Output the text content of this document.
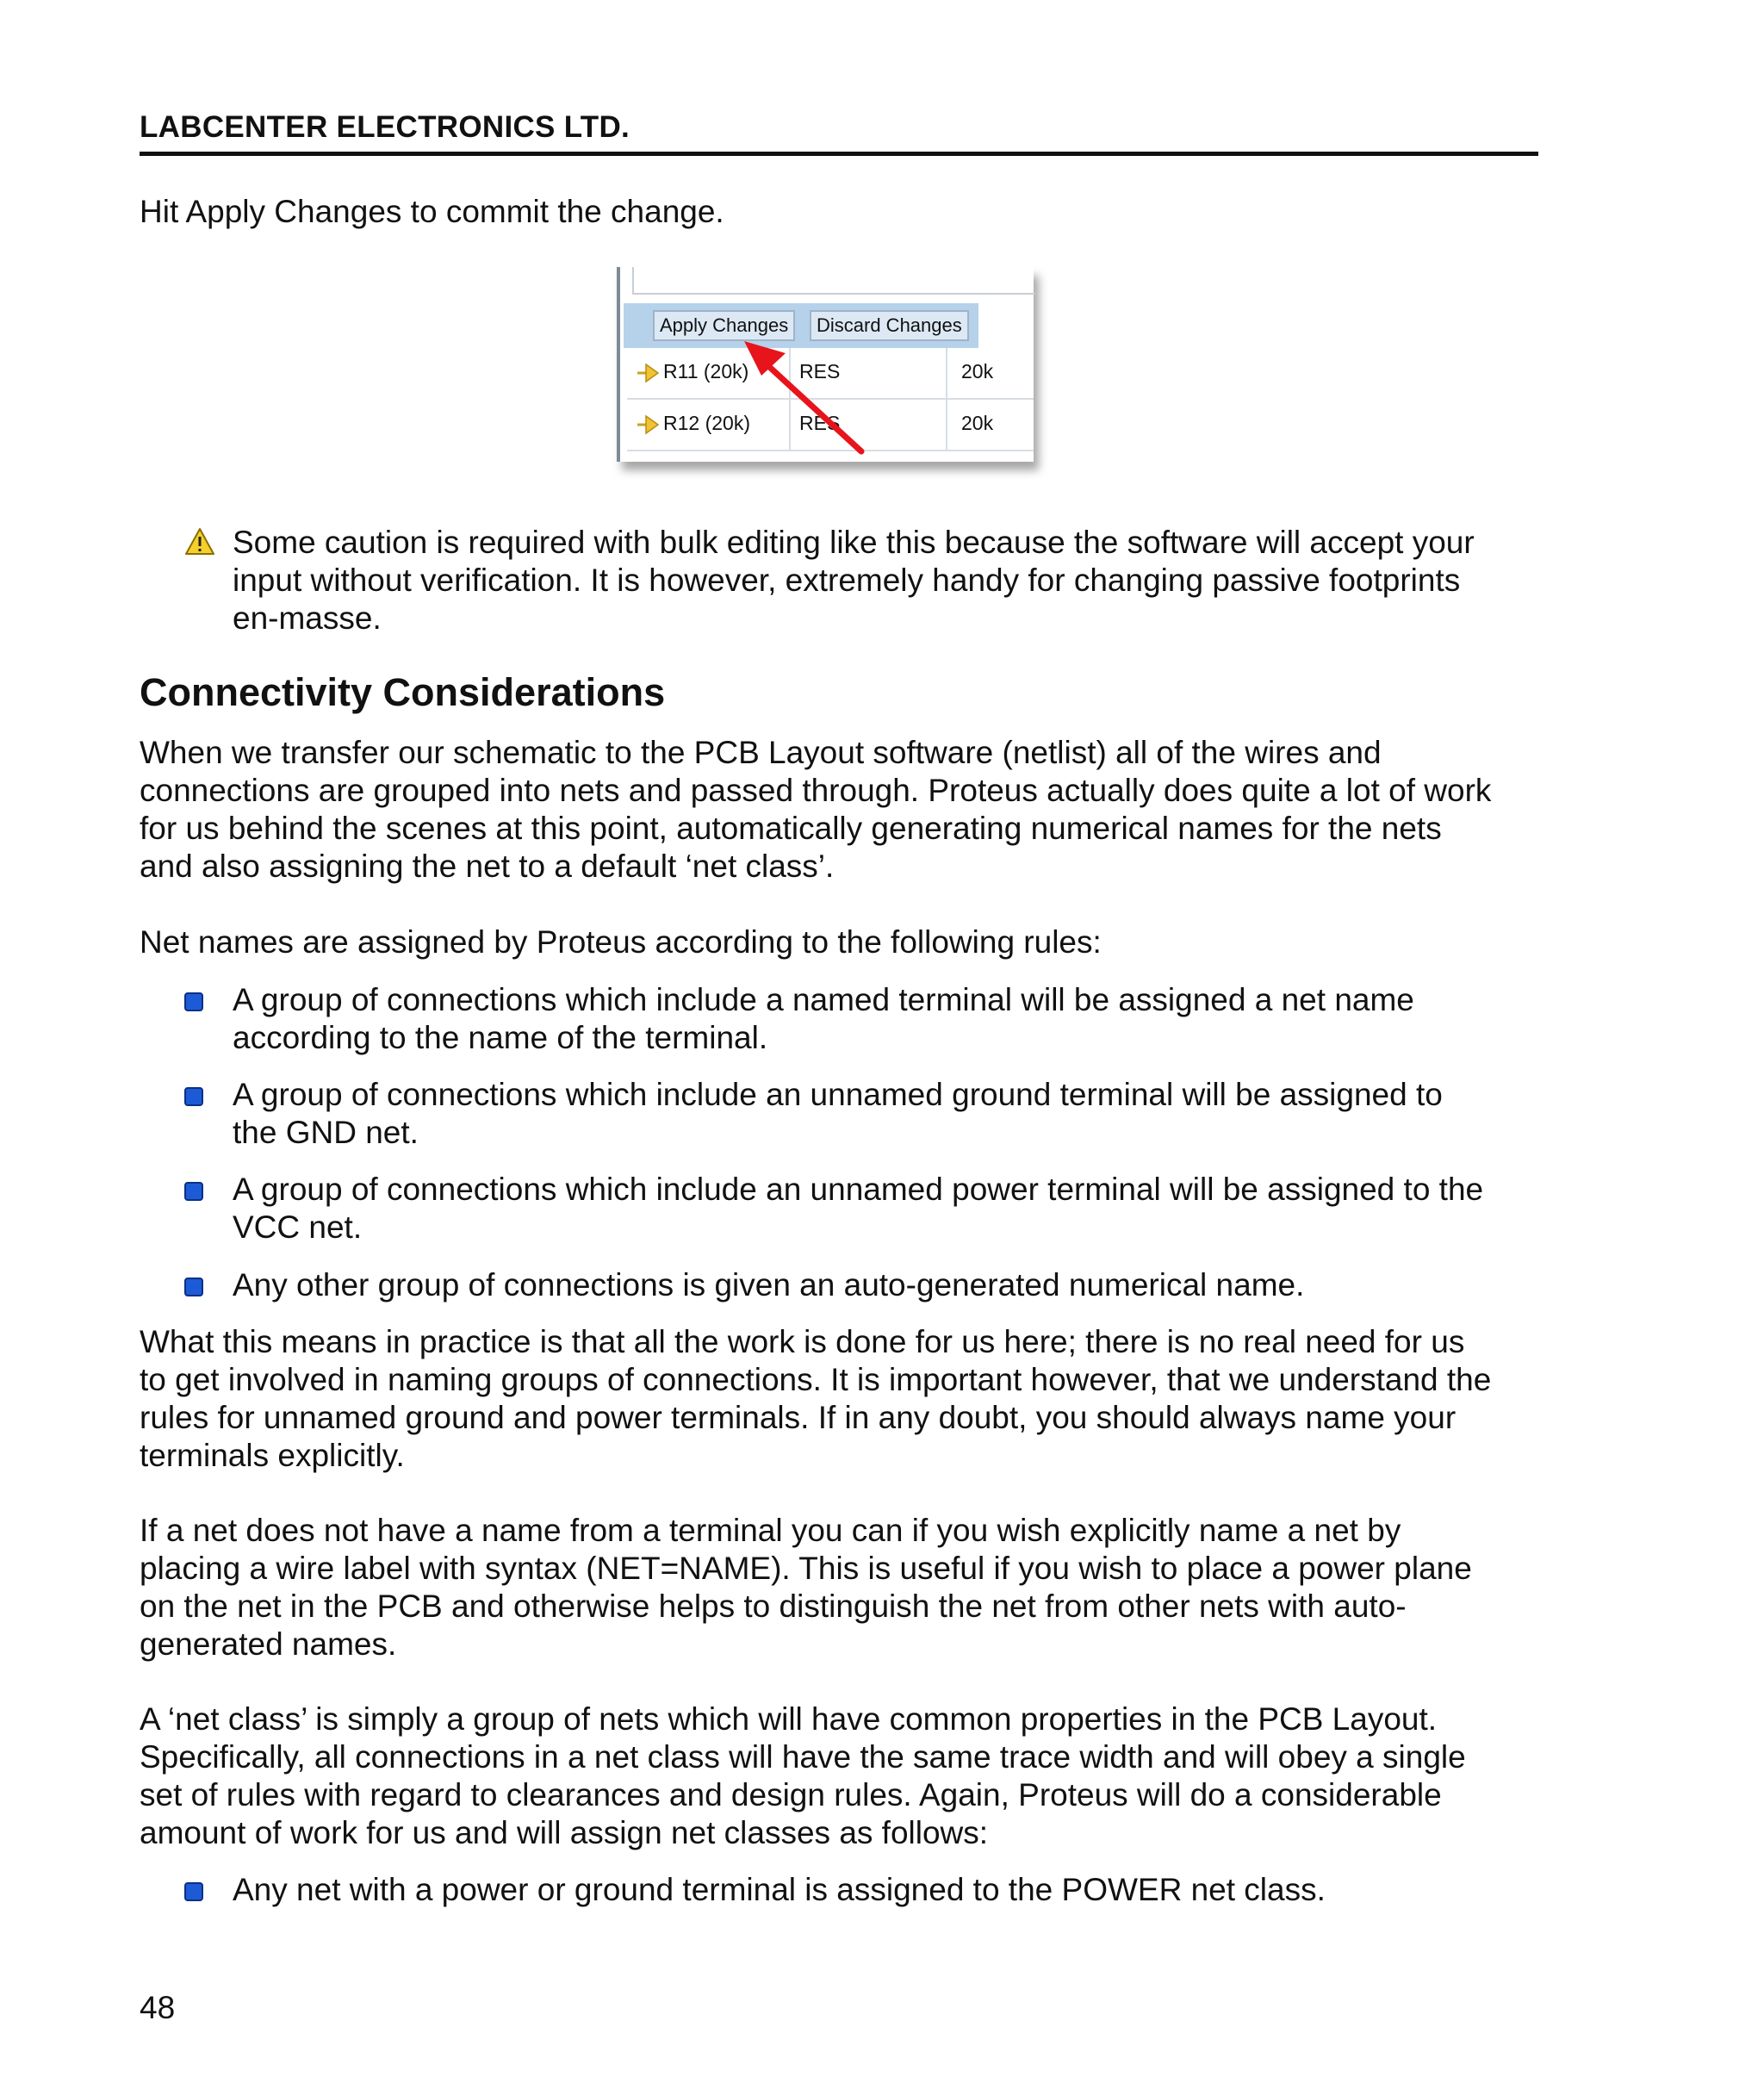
LABCENTER ELECTRONICS LTD.
Hit Apply Changes to commit the change.
Apply Changes	Discard Changes
R11 (20k)	RES	20k
R12 (20k) RES	20k
Some caution is required with bulk editing like this because the software will accept your
input without verification. It is however, extremely handy for changing passive footprints
en-masse.
Connectivity Considerations
When we transfer our schematic to the PCB Layout software (netlist) all of the wires and
connections are grouped into nets and passed through. Proteus actually does quite a lot of work
for us behind the scenes at this point, automatically generating numerical names for the nets
and also assigning the net to a default ‘net class’.
Net names are assigned by Proteus according to the following rules:
A group of connections which include a named terminal will be assigned a net name
according to the name of the terminal.
A group of connections which include an unnamed ground terminal will be assigned to
the GND net.
A group of connections which include an unnamed power terminal will be assigned to the
VCC net.
Any other group of connections is given an auto-generated numerical name.
What this means in practice is that all the work is done for us here; there is no real need for us
to get involved in naming groups of connections. It is important however, that we understand the
rules for unnamed ground and power terminals. If in any doubt, you should always name your
terminals explicitly.
If a net does not have a name from a terminal you can if you wish explicitly name a net by
placing a wire label with syntax (NET=NAME). This is useful if you wish to place a power plane
on the net in the PCB and otherwise helps to distinguish the net from other nets with auto-
generated names.
A ‘net class’ is simply a group of nets which will have common properties in the PCB Layout.
Specifically, all connections in a net class will have the same trace width and will obey a single
set of rules with regard to clearances and design rules. Again, Proteus will do a considerable
amount of work for us and will assign net classes as follows:
Any net with a power or ground terminal is assigned to the POWER net class.
48
